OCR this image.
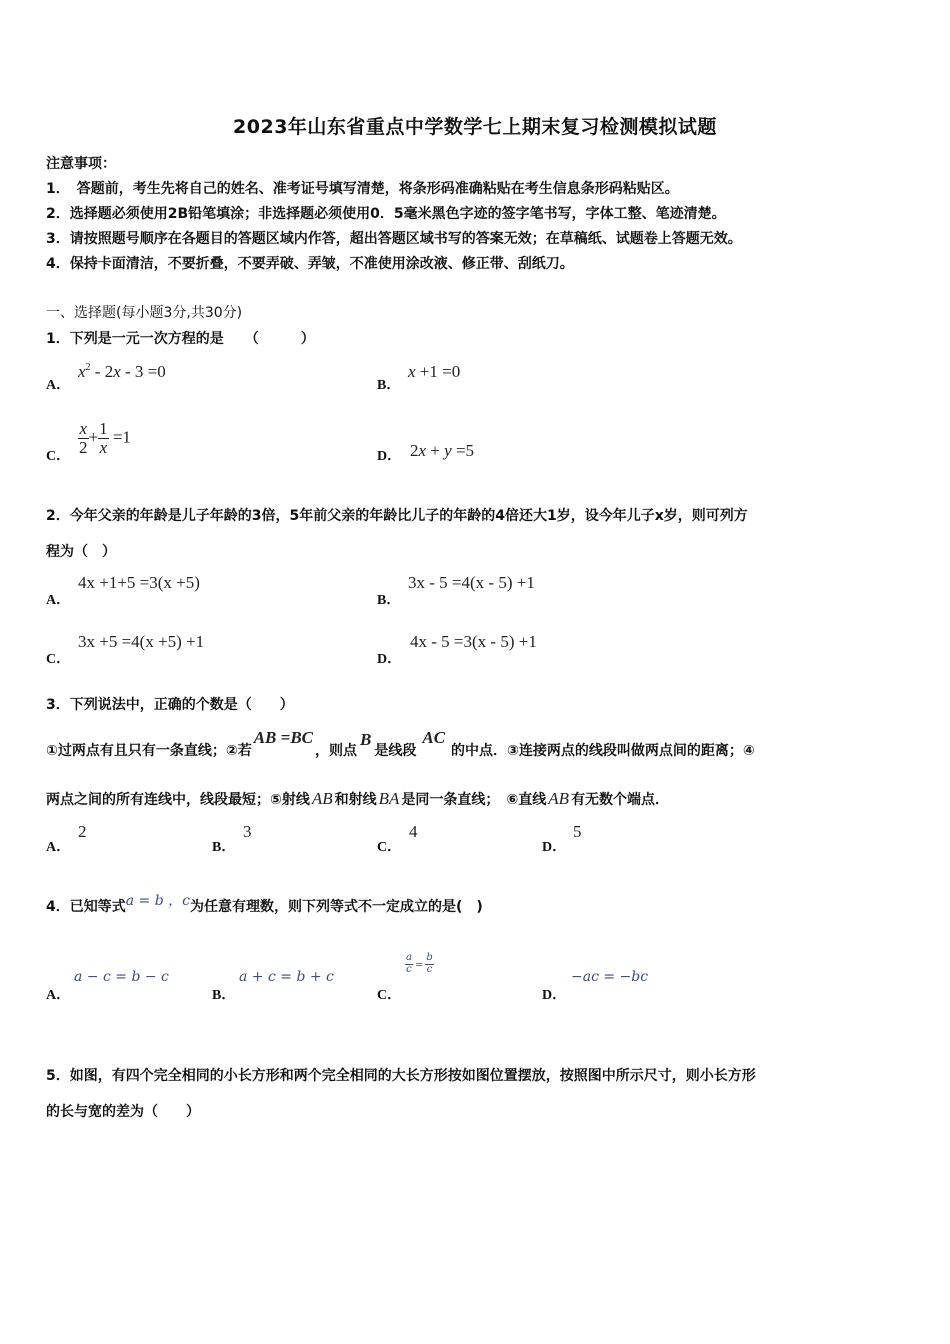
2023年山东省重点中学数学七上期末复习检测模拟试题
注意事项：
1．　答题前，考生先将自己的姓名、准考证号填写清楚，将条形码准确粘贴在考生信息条形码粘贴区。
2．选择题必须使用2B铅笔填涂；非选择题必须使用0．5毫米黑色字迹的签字笔书写，字体工整、笔迹清楚。
3．请按照题号顺序在各题目的答题区域内作答，超出答题区域书写的答案无效；在草稿纸、试题卷上答题无效。
4．保持卡面清洁，不要折叠，不要弄破、弄皱，不准使用涂改液、修正带、刮纸刀。
一、选择题(每小题3分,共30分)
1．下列是一元一次方程的是　　（　　　）
A．
$x^2 - 2x - 3 =0$
B．
x +1 =0
C． $\frac{x}{2} + \frac{1}{x} =1$
D． 2x + y =5
2．今年父亲的年龄是儿子年龄的3倍，5年前父亲的年龄比儿子的年龄的4倍还大1岁，设今年儿子x岁，则可列方
程为（　）
A．
4x +1+5 =3(x +5)
B．
3x - 5 =4(x - 5) +1
C．
3x +5 =4(x +5) +1
D．
4x - 5 =3(x - 5) +1
3．下列说法中，正确的个数是（　　）
①过两点有且只有一条直线；②若AB =BC，则点B是线段AC的中点．③连接两点的线段叫做两点间的距离；④
两点之间的所有连线中，线段最短；⑤射线 AB 和射线 BA 是同一条直线；　⑥直线 AB 有无数个端点．
A．
2
B．
3
C．
4
D．
5
4．已知等式a = b ，c为任意有理数，则下列等式不一定成立的是(　)
A．
a − c = b − c
B．
a + c = b + c
C．
$\frac{a}{c} = \frac{b}{c}$
D．
−ac = −bc
5．如图，有四个完全相同的小长方形和两个完全相同的大长方形按如图位置摆放，按照图中所示尺寸，则小长方形
的长与宽的差为（　　）
